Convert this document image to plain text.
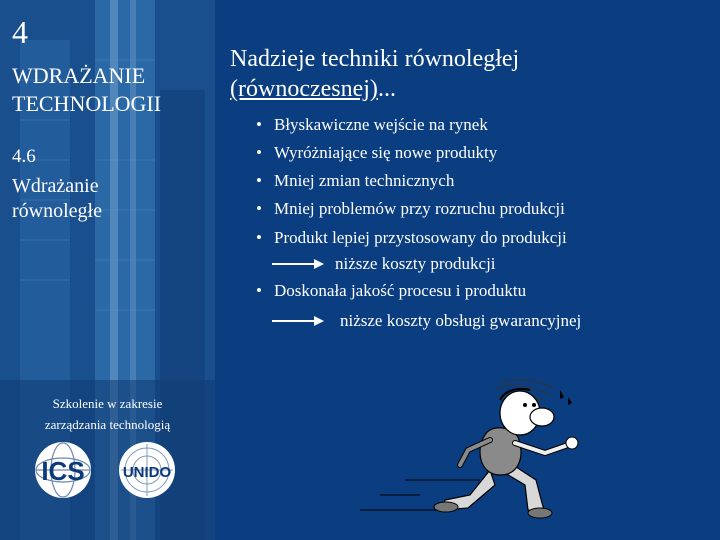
4
WDRAŻANIE
TECHNOLOGII
4.6
Wdrażanie
równoległe
Szkolenie w zakresie
zarządzania technologią
ICS	UNIDO
Nadzieje techniki równoległej
(równoczesnej)...
• Błyskawiczne wejście na rynek
• Wyróżniające się nowe produkty
• Mniej zmian technicznych
• Mniej problemów przy rozruchu produkcji
• Produkt lepiej przystosowany do produkcji
• Doskonała jakość procesu i produktu
niższe koszty produkcji
niższe koszty obsługi gwarancyjnej
